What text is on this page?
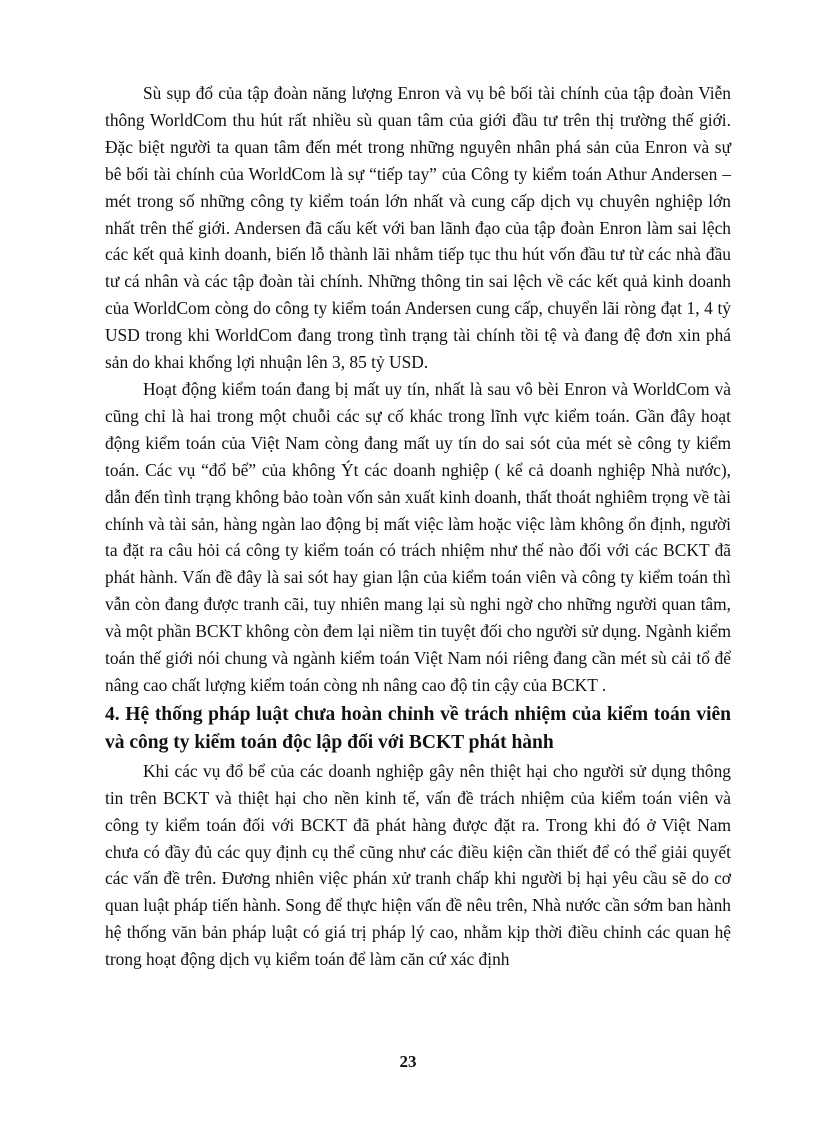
Sù sụp đổ của tập đoàn năng lượng Enron và vụ bê bối tài chính của tập đoàn Viễn thông WorldCom thu hút rất nhiều sù quan tâm của giới đầu tư trên thị trường thế giới. Đặc biệt người ta quan tâm đến mét trong những nguyên nhân phá sản của Enron và sự bê bối tài chính của WorldCom là sự “tiếp tay” của Công ty kiểm toán Athur Andersen – mét trong số những công ty kiểm toán lớn nhất và cung cấp dịch vụ chuyên nghiệp lớn nhất trên thế giới. Andersen đã cấu kết với ban lãnh đạo của tập đoàn Enron làm sai lệch các kết quả kinh doanh, biến lỗ thành lãi nhằm tiếp tục thu hút vốn đầu tư từ các nhà đầu tư cá nhân và các tập đoàn tài chính. Những thông tin sai lệch về các kết quả kinh doanh của WorldCom còng do công ty kiểm toán Andersen cung cấp, chuyển lãi ròng đạt 1, 4 tỷ USD trong khi WorldCom đang trong tình trạng tài chính tồi tệ và đang đệ đơn xin phá sản do khai khống lợi nhuận lên 3, 85 tỷ USD.

Hoạt động kiểm toán đang bị mất uy tín, nhất là sau vô bèi Enron và WorldCom và cũng chỉ là hai trong một chuỗi các sự cố khác trong lĩnh vực kiểm toán. Gần đây hoạt động kiểm toán của Việt Nam còng đang mất uy tín do sai sót của mét sè công ty kiểm toán. Các vụ “đổ bể” của không Ýt các doanh nghiệp ( kể cả doanh nghiệp Nhà nước), dẫn đến tình trạng không bảo toàn vốn sản xuất kinh doanh, thất thoát nghiêm trọng về tài chính và tài sản, hàng ngàn lao động bị mất việc làm hoặc việc làm không ổn định, người ta đặt ra câu hỏi cá công ty kiểm toán có trách nhiệm như thế nào đối với các BCKT đã phát hành. Vấn đề đây là sai sót hay gian lận của kiểm toán viên và công ty kiểm toán thì vẫn còn đang được tranh cãi, tuy nhiên mang lại sù nghi ngờ cho những người quan tâm, và một phần BCKT không còn đem lại niềm tin tuyệt đối cho người sử dụng. Ngành kiểm toán thế giới nói chung và ngành kiểm toán Việt Nam nói riêng đang cần mét sù cải tổ để nâng cao chất lượng kiểm toán còng nh nâng cao độ tin cậy của BCKT .

4. Hệ thống pháp luật chưa hoàn chỉnh về trách nhiệm của kiểm toán viên và công ty kiểm toán độc lập đối với BCKT phát hành

Khi các vụ đổ bể của các doanh nghiệp gây nên thiệt hại cho người sử dụng thông tin trên BCKT và thiệt hại cho nền kinh tế, vấn đề trách nhiệm của kiểm toán viên và công ty kiểm toán đối với BCKT đã phát hàng được đặt ra. Trong khi đó ở Việt Nam chưa có đầy đủ các quy định cụ thể cũng như các điều kiện cần thiết để có thể giải quyết các vấn đề trên. Đương nhiên việc phán xử tranh chấp khi người bị hại yêu cầu sẽ do cơ quan luật pháp tiến hành. Song để thực hiện vấn đề nêu trên, Nhà nước cần sớm ban hành hệ thống văn bản pháp luật có giá trị pháp lý cao, nhằm kịp thời điều chỉnh các quan hệ trong hoạt động dịch vụ kiểm toán để làm căn cứ xác định

23
